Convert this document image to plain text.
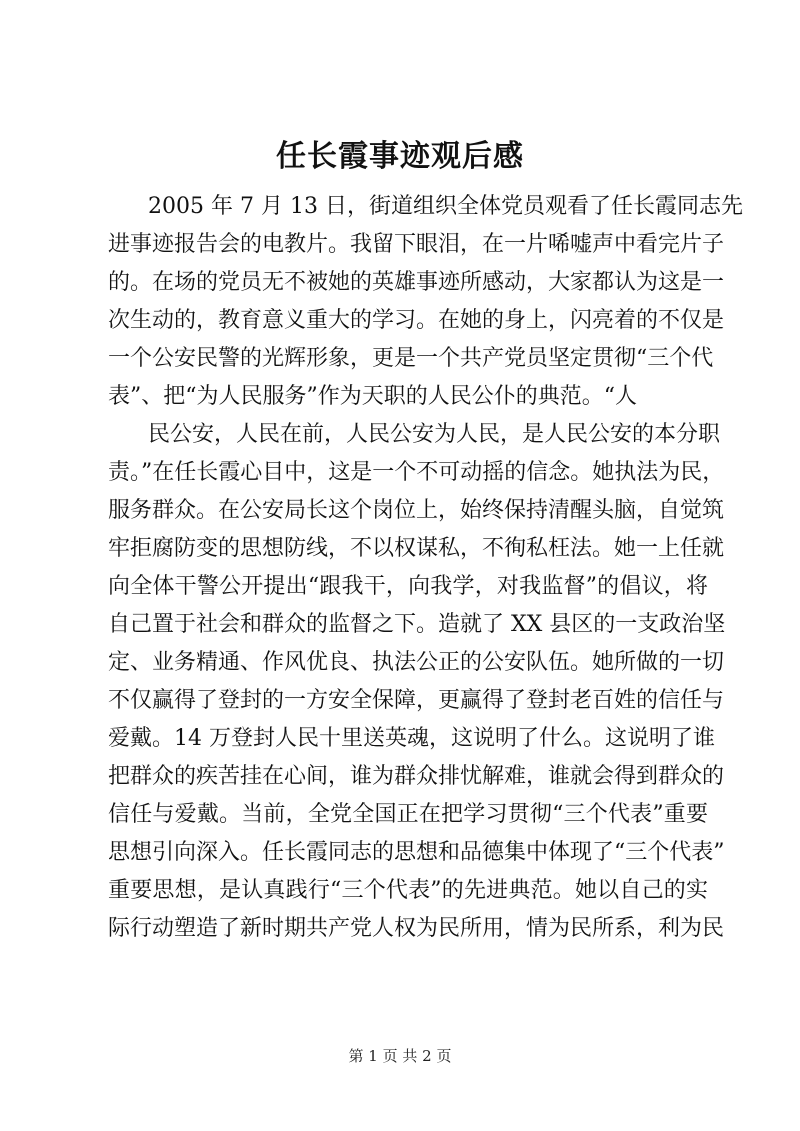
任长霞事迹观后感
2005 年 7 月 13 日，街道组织全体党员观看了任长霞同志先
进事迹报告会的电教片。我留下眼泪，在一片唏嘘声中看完片子
的。在场的党员无不被她的英雄事迹所感动，大家都认为这是一
次生动的，教育意义重大的学习。在她的身上，闪亮着的不仅是
一个公安民警的光辉形象，更是一个共产党员坚定贯彻“三个代
表”、把“为人民服务”作为天职的人民公仆的典范。“人
民公安，人民在前，人民公安为人民，是人民公安的本分职
责。”在任长霞心目中，这是一个不可动摇的信念。她执法为民，
服务群众。在公安局长这个岗位上，始终保持清醒头脑，自觉筑
牢拒腐防变的思想防线，不以权谋私，不徇私枉法。她一上任就
向全体干警公开提出“跟我干，向我学，对我监督”的倡议，将
自己置于社会和群众的监督之下。造就了 XX 县区的一支政治坚
定、业务精通、作风优良、执法公正的公安队伍。她所做的一切
不仅赢得了登封的一方安全保障，更赢得了登封老百姓的信任与
爱戴。14 万登封人民十里送英魂，这说明了什么。这说明了谁
把群众的疾苦挂在心间，谁为群众排忧解难，谁就会得到群众的
信任与爱戴。当前，全党全国正在把学习贯彻“三个代表”重要
思想引向深入。任长霞同志的思想和品德集中体现了“三个代表”
重要思想，是认真践行“三个代表”的先进典范。她以自己的实
际行动塑造了新时期共产党人权为民所用，情为民所系，利为民
第 1 页 共 2 页
